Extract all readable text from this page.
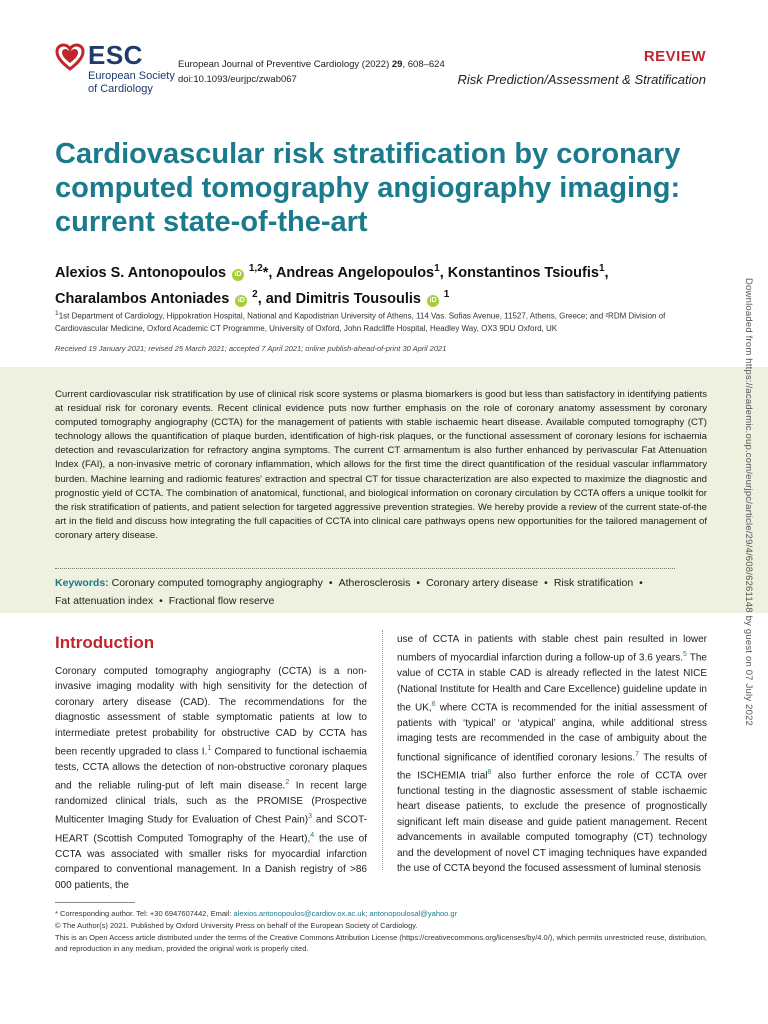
ESC
European Society
of Cardiology
European Journal of Preventive Cardiology (2022) 29, 608–624
doi:10.1093/eurjpc/zwab067
REVIEW
Risk Prediction/Assessment & Stratification
Cardiovascular risk stratification by coronary computed tomography angiography imaging: current state-of-the-art
Alexios S. Antonopoulos iD $^{1,2}$*, Andreas Angelopoulos$^1$, Konstantinos Tsioufis$^1$,
Charalambos Antoniades iD $^2$, and Dimitris Tousoulis iD $^1$
$^1$1st Department of Cardiology, Hippokration Hospital, National and Kapodistrian University of Athens, 114 Vas. Sofias Avenue, 11527, Athens, Greece; and ²RDM Division of Cardiovascular Medicine, Oxford Academic CT Programme, University of Oxford, John Radcliffe Hospital, Headley Way, OX3 9DU Oxford, UK
Received 19 January 2021; revised 25 March 2021; accepted 7 April 2021; online publish-ahead-of-print 30 April 2021

Current cardiovascular risk stratification by use of clinical risk score systems or plasma biomarkers is good but less than satisfactory in identifying patients at residual risk for coronary events. Recent clinical evidence puts now further emphasis on the role of coronary anatomy assessment by coronary computed tomography angiography (CCTA) for the management of patients with stable ischaemic heart disease. Available computed tomography (CT) technology allows the quantification of plaque burden, identification of high-risk plaques, or the functional assessment of coronary lesions for ischaemia detection and revascularization for refractory angina symptoms. The current CT armamentum is also further enhanced by perivascular Fat Attenuation Index (FAI), a non-invasive metric of coronary inflammation, which allows for the first time the direct quantification of the residual vascular inflammatory burden. Machine learning and radiomic features' extraction and spectral CT for tissue characterization are also expected to maximize the diagnostic and prognostic yield of CCTA. The combination of anatomical, functional, and biological information on coronary circulation by CCTA offers a unique toolkit for the risk stratification of patients, and patient selection for targeted aggressive prevention strategies. We hereby provide a review of the current state-of-the art in the field and discuss how integrating the full capacities of CCTA into clinical care pathways opens new opportunities for the tailored management of coronary artery disease.

Keywords: Coronary computed tomography angiography • Atherosclerosis • Coronary artery disease • Risk stratification •
Fat attenuation index • Fractional flow reserve
Introduction

Coronary computed tomography angiography (CCTA) is a non-invasive imaging modality with high sensitivity for the detection of coronary artery disease (CAD). The recommendations for the diagnostic assessment of stable symptomatic patients at low to intermediate pretest probability for obstructive CAD by CCTA has been recently upgraded to class I.$^1$ Compared to functional ischaemia tests, CCTA allows the detection of non-obstructive coronary plaques and the reliable ruling-put of left main disease.$^2$ In recent large randomized clinical trials, such as the PROMISE (Prospective Multicenter Imaging Study for Evaluation of Chest Pain)$^3$ and SCOT-HEART (Scottish Computed Tomography of the Heart),$^4$ the use of CCTA was associated with smaller risks for myocardial infarction compared to conventional management. In a Danish registry of >86 000 patients, the

use of CCTA in patients with stable chest pain resulted in lower numbers of myocardial infarction during a follow-up of 3.6 years.$^5$ The value of CCTA in stable CAD is already reflected in the latest NICE (National Institute for Health and Care Excellence) guideline update in the UK,$^6$ where CCTA is recommended for the initial assessment of patients with ‘typical’ or ‘atypical’ angina, while additional stress imaging tests are recommended in the case of ambiguity about the functional significance of identified coronary lesions.$^7$ The results of the ISCHEMIA trial$^8$ also further enforce the role of CCTA over functional testing in the diagnostic assessment of stable ischaemic heart disease patients, to exclude the presence of prognostically significant left main disease and guide patient management. Recent advancements in available computed tomography (CT) technology and the development of novel CT imaging techniques have expanded the use of CCTA beyond the focused assessment of luminal stenosis

* Corresponding author. Tel: +30 6947607442, Email: alexios.antonopoulos@cardiov.ox.ac.uk; antonopoulosal@yahoo.gr
© The Author(s) 2021. Published by Oxford University Press on behalf of the European Society of Cardiology.
This is an Open Access article distributed under the terms of the Creative Commons Attribution License (https://creativecommons.org/licenses/by/4.0/), which permits unrestricted reuse, distribution, and reproduction in any medium, provided the original work is properly cited.
Downloaded from https://academic.oup.com/eurjpc/article/29/4/608/6261148 by guest on 07 July 2022
